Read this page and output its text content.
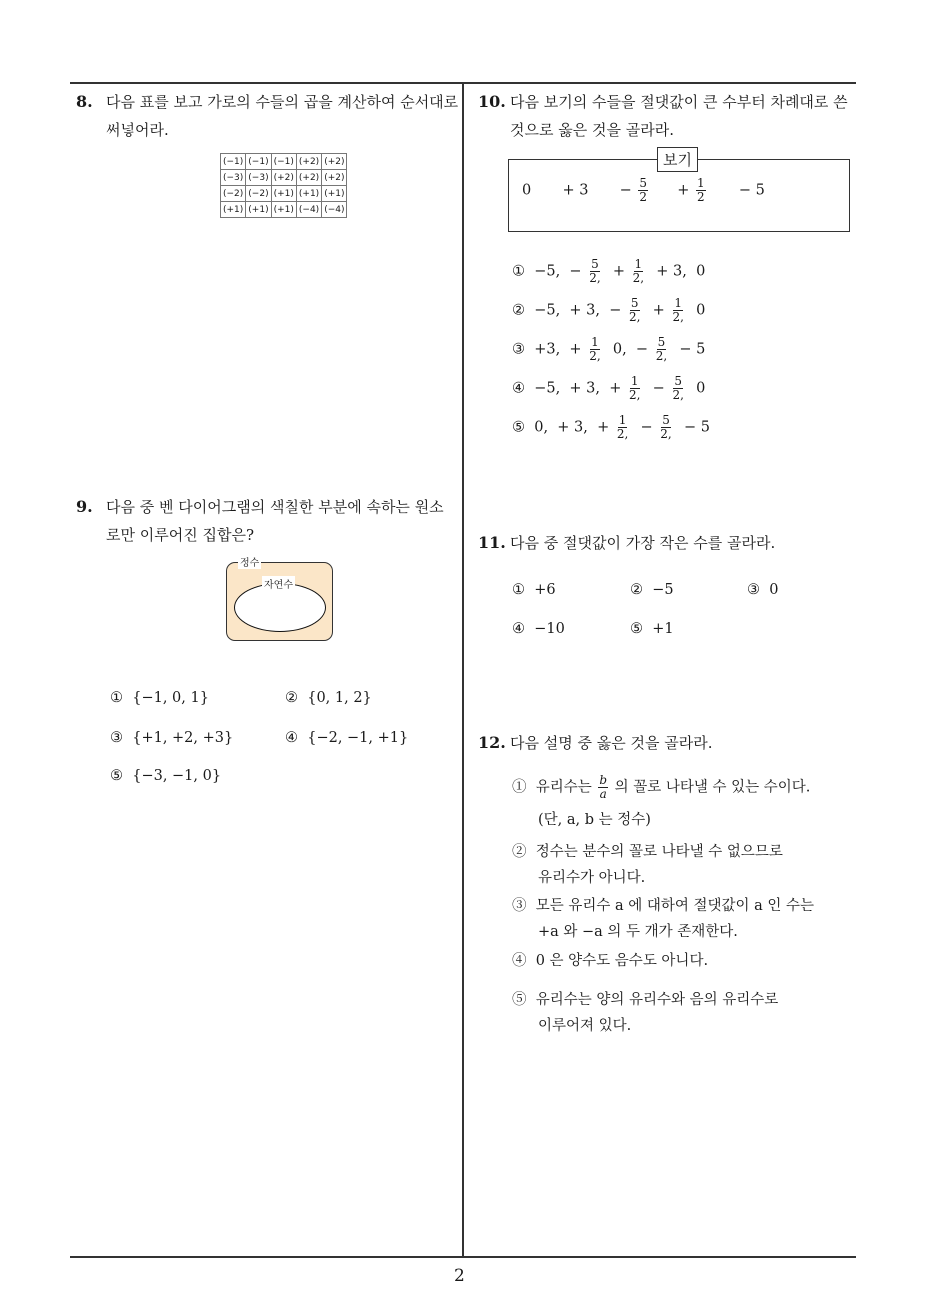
2
8. 다음 표를 보고 가로의 수들의 곱을 계산하여 순서대로
써넣어라.
(−1)	(−1)	(−1)	(+2)	(+2)
(−3)	(−3)	(+2)	(+2)	(+2)
(−2)	(−2)	(+1)	(+1)	(+1)
(+1)	(+1)	(+1)	(−4)	(−4)
9. 다음 중 벤 다이어그램의 색칠한 부분에 속하는 원소
로만 이루어진 집합은?
정수
자연수
① {−1, 0, 1}	② {0, 1, 2}
③ {+1, +2, +3}	④ {−2, −1, +1}
⑤ {−3, −1, 0}
10. 다음 보기의 수들을 절댓값이 큰 수부터 차례대로 쓴
것으로 옳은 것을 골라라.
보기
$0 + 3 - \frac{5}{2} + \frac{1}{2} - 5$
① −5, − $\frac{5}{2,} + \frac{1}{2,} + 3$, 0
② −5, + 3, − $\frac{5}{2,} + \frac{1}{2,} 0$
③ +3, + $\frac{1}{2,} 0$, − $\frac{5}{2,} - 5$
④ −5, + 3, + $\frac{1}{2,} - \frac{5}{2,} 0$
⑤ 0, + 3, + $\frac{1}{2,} - \frac{5}{2,} - 5$
11. 다음 중 절댓값이 가장 작은 수를 골라라.
① +6	② −5	③ 0
④ −10	⑤ +1
12. 다음 설명 중 옳은 것을 골라라.
① 유리수는 $\frac{b}{a}$ 의 꼴로 나타낼 수 있는 수이다.
(단, a, b 는 정수)
② 정수는 분수의 꼴로 나타낼 수 없으므로
유리수가 아니다.
③ 모든 유리수 a 에 대하여 절댓값이 a 인 수는
+a 와 −a 의 두 개가 존재한다.
④ 0 은 양수도 음수도 아니다.
⑤ 유리수는 양의 유리수와 음의 유리수로
이루어져 있다.
